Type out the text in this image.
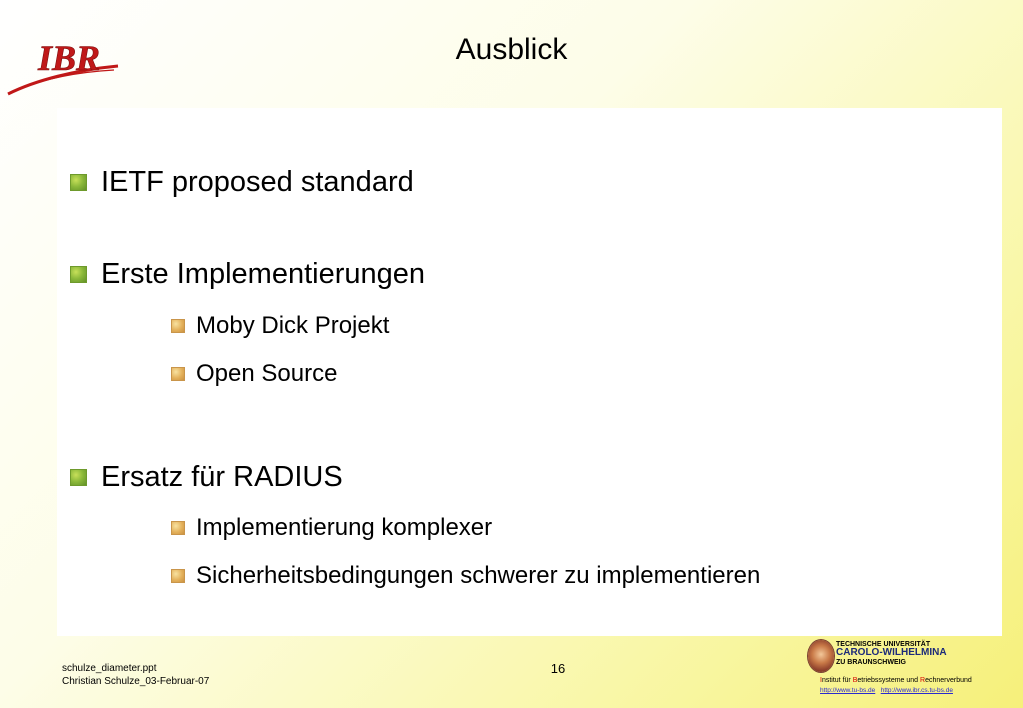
IBR	Ausblick
IETF proposed standard
Erste Implementierungen
Moby Dick Projekt
Open Source
Ersatz für RADIUS
Implementierung komplexer
Sicherheitsbedingungen schwerer zu implementieren
schulze_diameter.ppt
Christian Schulze_03-Februar-07
16
TECHNISCHE UNIVERSITÄT
CAROLO-WILHELMINA
ZU BRAUNSCHWEIG
Institut für Betriebssysteme und Rechnerverbund
http://www.tu-bs.de http://www.ibr.cs.tu-bs.de
